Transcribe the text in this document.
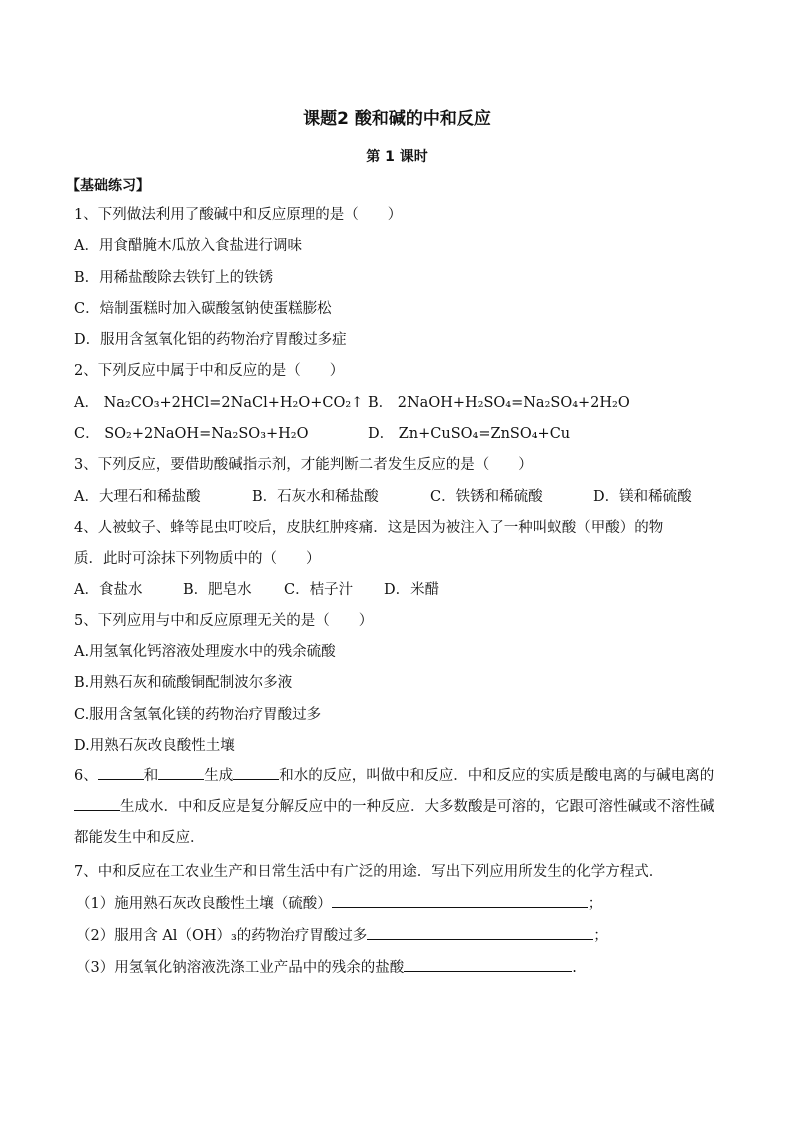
课题2 酸和碱的中和反应
第 1 课时
【基础练习】
1、下列做法利用了酸碱中和反应原理的是（　　）
A．用食醋腌木瓜放入食盐进行调味
B．用稀盐酸除去铁钉上的铁锈
C．焙制蛋糕时加入碳酸氢钠使蛋糕膨松
D．服用含氢氧化铝的药物治疗胃酸过多症
2、下列反应中属于中和反应的是（　　）
A． Na₂CO₃+2HCl=2NaCl+H₂O+CO₂↑ B． 2NaOH+H₂SO₄=Na₂SO₄+2H₂O
C． SO₂+2NaOH=Na₂SO₃+H₂O	D． Zn+CuSO₄=ZnSO₄+Cu
3、下列反应，要借助酸碱指示剂，才能判断二者发生反应的是（　　）
A．大理石和稀盐酸	B．石灰水和稀盐酸	C．铁锈和稀硫酸	D．镁和稀硫酸
4、人被蚊子、蜂等昆虫叮咬后，皮肤红肿疼痛．这是因为被注入了一种叫蚁酸（甲酸）的物
质．此时可涂抹下列物质中的（　　）
A．食盐水	B．肥皂水 C．桔子汁 D．米醋
5、下列应用与中和反应原理无关的是（　　）
A.用氢氧化钙溶液处理废水中的残余硫酸
B.用熟石灰和硫酸铜配制波尔多液
C.服用含氢氧化镁的药物治疗胃酸过多
D.用熟石灰改良酸性土壤
6、	和	生成	和水的反应，叫做中和反应．中和反应的实质是酸电离的与碱电离的生成水．中和反应是复分解反应中的一种反应．大多数酸是可溶的，它跟可溶性碱或不溶性碱都能发生中和反应．
7、中和反应在工农业生产和日常生活中有广泛的用途．写出下列应用所发生的化学方程式．
（1）施用熟石灰改良酸性土壤（硫酸）	；
（2）服用含 Al（OH）₃的药物治疗胃酸过多	；
（3）用氢氧化钠溶液洗涤工业产品中的残余的盐酸	.
